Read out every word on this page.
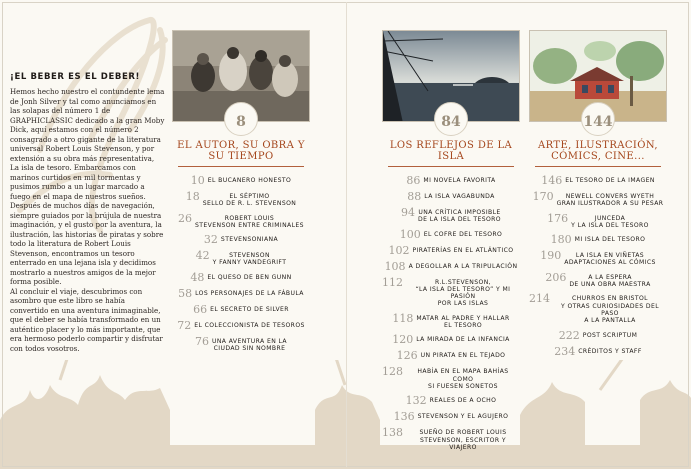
¡EL BEBER ES EL DEBER!
Hemos hecho nuestro el contundente lema de Jonh Silver y tal como anunciamos en las solapas del número 1 de GRAPHICLASSIC dedicado a la gran Moby Dick, aquí estamos con el número 2 consagrado a otro gigante de la literatura universal Robert Louis Stevenson, y por extensión a su obra más representativa, La isla de tesoro. Embarcamos con marinos curtidos en mil tormentas y pusimos rumbo a un lugar marcado a fuego en el mapa de nuestros sueños. Después de muchos días de navegación, siempre guiados por la brújula de nuestra imaginación, y el gusto por la aventura, la ilustración, las historias de piratas y sobre todo la literatura de Robert Louis Stevenson, encontramos un tesoro enterrado en una lejana isla y decidimos mostrarlo a nuestros amigos de la mejor forma posible.
Al concluir el viaje, descubrimos con asombro que este libro se había convertido en una aventura inimaginable, que el deber se había transformado en un auténtico placer y lo más importante, que era hermoso poderlo compartir y disfrutar con todos vosotros.
8
EL AUTOR, SU OBRA Y SU TIEMPO
10 EL BUCANERO HONESTO
18	EL SÉPTIMO
SELLO DE R. L. STEVENSON
26	ROBERT LOUIS
STEVENSON ENTRE CRIMINALES
32 STEVENSONIANA
42	STEVENSON
Y FANNY VANDEGRIFT
48 EL QUESO DE BEN GUNN
58 LOS PERSONAJES DE LA FÁBULA
66 EL SECRETO DE SILVER
72 EL COLECCIONISTA DE TESOROS
76 UNA AVENTURA EN LA
CIUDAD SIN NOMBRE
84
LOS REFLEJOS DE LA ISLA
86 MI NOVELA FAVORITA
88 LA ISLA VAGABUNDA
94 UNA CRÍTICA IMPOSIBLE
DE LA ISLA DEL TESORO
100 EL COFRE DEL TESORO
102 PIRATERÍAS EN EL ATLÁNTICO
108 A DEGOLLAR A LA TRIPULACIÓN
112	R.L.STEVENSON,
“LA ISLA DEL TESORO” Y MI PASIÓN
POR LAS ISLAS
118 MATAR AL PADRE Y HALLAR
EL TESORO
120 LA MIRADA DE LA INFANCIA
126 UN PIRATA EN EL TEJADO
128	HABÍA EN EL MAPA BAHÍAS COMO
SI FUESEN SONETOS
132 REALES DE A OCHO
136 STEVENSON Y EL AGUJERO
138	SUEÑO DE ROBERT LOUIS
STEVENSON, ESCRITOR Y VIAJERO
144
ARTE, ILUSTRACIÓN, CÓMICS, CINE...
146 EL TESORO DE LA IMAGEN
170	NEWELL CONVERS WYETH
GRAN ILUSTRADOR A SU PESAR
176	JUNCEDA
Y LA ISLA DEL TESORO
180 MI ISLA DEL TESORO
190	LA ISLA EN VIÑETAS
ADAPTACIONES AL CÓMICS
206	A LA ESPERA
DE UNA OBRA MAESTRA
214	CHURROS EN BRISTOL
Y OTRAS CURIOSIDADES DEL PASO
A LA PANTALLA
222 POST SCRIPTUM
234 CRÉDITOS Y STAFF
